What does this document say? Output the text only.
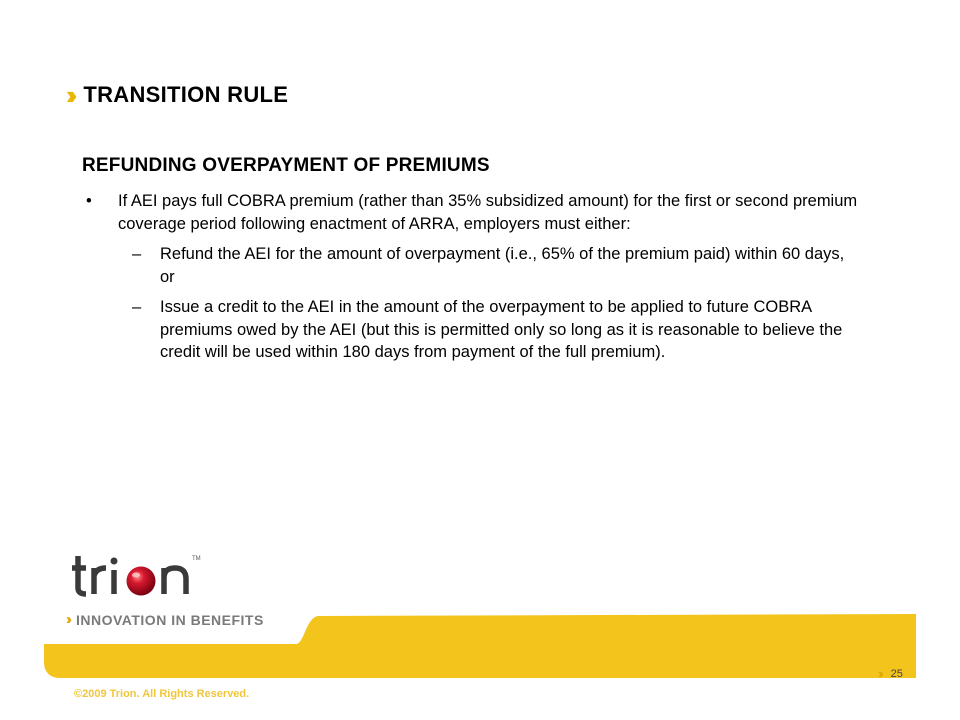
›› TRANSITION RULE
REFUNDING OVERPAYMENT OF PREMIUMS
•	If AEI pays full COBRA premium (rather than 35% subsidized amount) for the first or second premium coverage period following enactment of ARRA, employers must either:
–	Refund the AEI for the amount of overpayment (i.e., 65% of the premium paid) within 60 days, or
–	Issue a credit to the AEI in the amount of the overpayment to be applied to future COBRA premiums owed by the AEI (but this is permitted only so long as it is reasonable to believe the credit will be used within 180 days from payment of the full premium).
TM
›› INNOVATION IN BENEFITS
›› 25
©2009 Trion. All Rights Reserved.
